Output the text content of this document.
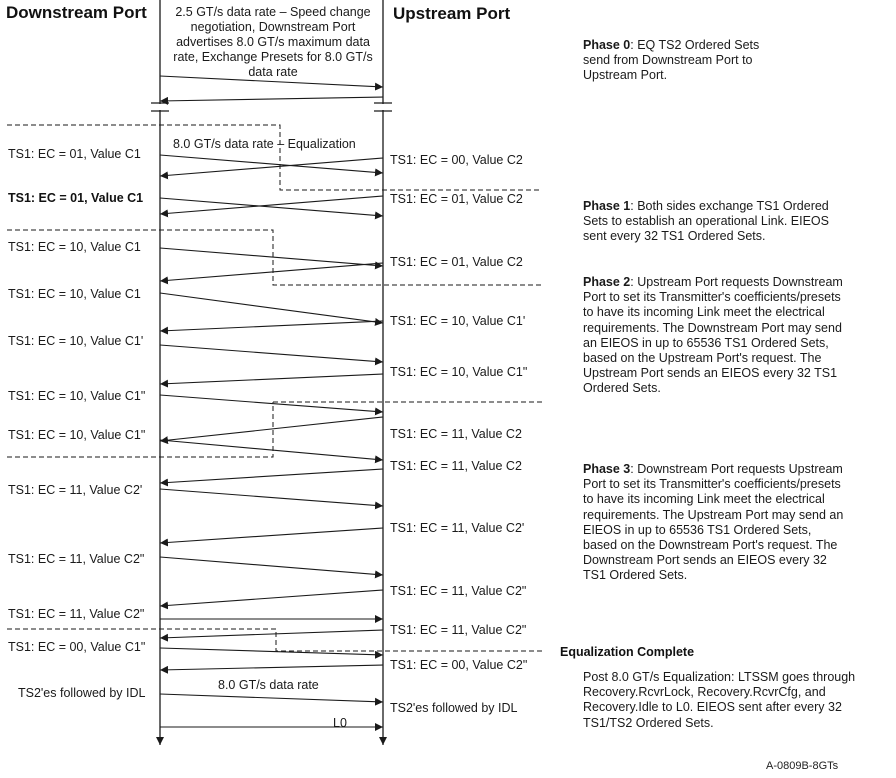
Downstream Port	Upstream Port
2.5 GT/s data rate – Speed change negotiation, Downstream Port advertises 8.0 GT/s maximum data rate, Exchange Presets for 8.0 GT/s data rate
8.0 GT/s data rate – Equalization
TS1: EC = 01, Value C1
TS1: EC = 01, Value C1
TS1: EC = 10, Value C1
TS1: EC = 10, Value C1
TS1: EC = 10, Value C1'
TS1: EC = 10, Value C1"
TS1: EC = 10, Value C1"
TS1: EC = 11, Value C2'
TS1: EC = 11, Value C2"
TS1: EC = 11, Value C2"
TS1: EC = 00, Value C1"
TS2'es followed by IDL
TS1: EC = 00, Value C2
TS1: EC = 01, Value C2
TS1: EC = 01, Value C2
TS1: EC = 10, Value C1'
TS1: EC = 10, Value C1"
TS1: EC = 11, Value C2
TS1: EC = 11, Value C2
TS1: EC = 11, Value C2'
TS1: EC = 11, Value C2"
TS1: EC = 11, Value C2"
TS1: EC = 00, Value C2"
TS2'es followed by IDL
8.0 GT/s data rate
L0
Phase 0: EQ TS2 Ordered Sets send from Downstream Port to Upstream Port.
Phase 1: Both sides exchange TS1 Ordered Sets to establish an operational Link. EIEOS sent every 32 TS1 Ordered Sets.
Phase 2: Upstream Port requests Downstream Port to set its Transmitter's coefficients/presets to have its incoming Link meet the electrical requirements. The Downstream Port may send an EIEOS in up to 65536 TS1 Ordered Sets, based on the Upstream Port's request. The Upstream Port sends an EIEOS every 32 TS1 Ordered Sets.
Phase 3: Downstream Port requests Upstream Port to set its Transmitter's coefficients/presets to have its incoming Link meet the electrical requirements. The Upstream Port may send an EIEOS in up to 65536 TS1 Ordered Sets, based on the Downstream Port's request. The Downstream Port sends an EIEOS every 32 TS1 Ordered Sets.
Equalization Complete
Post 8.0 GT/s Equalization: LTSSM goes through Recovery.RcvrLock, Recovery.RcvrCfg, and Recovery.Idle to L0. EIEOS sent after every 32 TS1/TS2 Ordered Sets.
A-0809B-8GTs
